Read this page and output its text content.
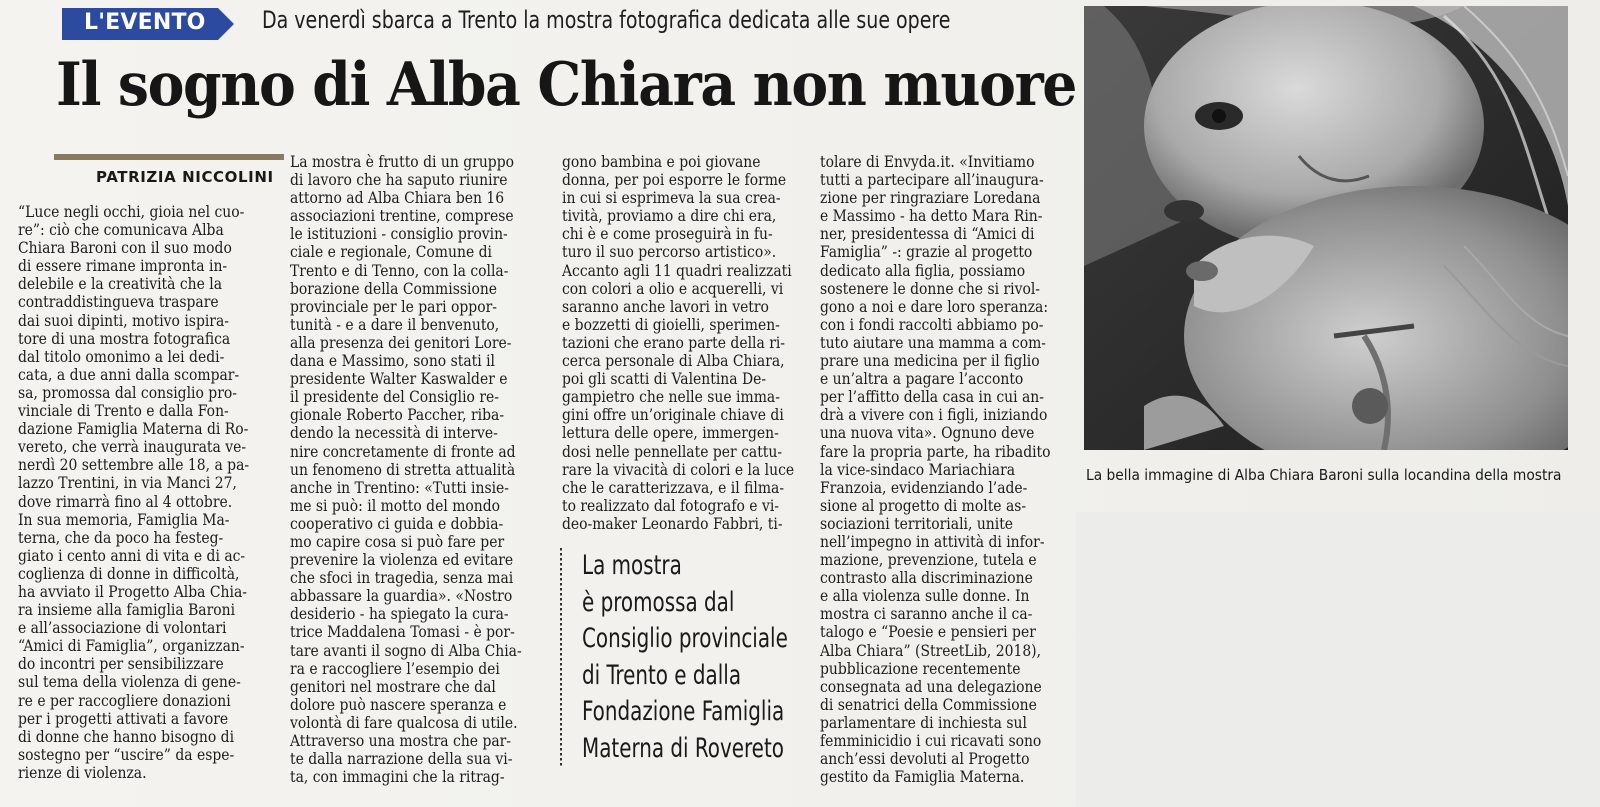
L'EVENTO Da venerdì sbarca a Trento la mostra fotografica dedicata alle sue opere
Il sogno di Alba Chiara non muore
PATRIZIA NICCOLINI
“Luce negli occhi, gioia nel cuo-
re”: ciò che comunicava Alba
Chiara Baroni con il suo modo
di essere rimane impronta in-
delebile e la creatività che la
contraddistingueva traspare
dai suoi dipinti, motivo ispira-
tore di una mostra fotografica
dal titolo omonimo a lei dedi-
cata, a due anni dalla scompar-
sa, promossa dal consiglio pro-
vinciale di Trento e dalla Fon-
dazione Famiglia Materna di Ro-
vereto, che verrà inaugurata ve-
nerdì 20 settembre alle 18, a pa-
lazzo Trentini, in via Manci 27,
dove rimarrà fino al 4 ottobre.
In sua memoria, Famiglia Ma-
terna, che da poco ha festeg-
giato i cento anni di vita e di ac-
coglienza di donne in difficoltà,
ha avviato il Progetto Alba Chia-
ra insieme alla famiglia Baroni
e all’associazione di volontari
“Amici di Famiglia”, organizzan-
do incontri per sensibilizzare
sul tema della violenza di gene-
re e per raccogliere donazioni
per i progetti attivati a favore
di donne che hanno bisogno di
sostegno per “uscire” da espe-
rienze di violenza.
La mostra è frutto di un gruppo
di lavoro che ha saputo riunire
attorno ad Alba Chiara ben 16
associazioni trentine, comprese
le istituzioni - consiglio provin-
ciale e regionale, Comune di
Trento e di Tenno, con la colla-
borazione della Commissione
provinciale per le pari oppor-
tunità - e a dare il benvenuto,
alla presenza dei genitori Lore-
dana e Massimo, sono stati il
presidente Walter Kaswalder e
il presidente del Consiglio re-
gionale Roberto Paccher, riba-
dendo la necessità di interve-
nire concretamente di fronte ad
un fenomeno di stretta attualità
anche in Trentino: «Tutti insie-
me si può: il motto del mondo
cooperativo ci guida e dobbia-
mo capire cosa si può fare per
prevenire la violenza ed evitare
che sfoci in tragedia, senza mai
abbassare la guardia». «Nostro
desiderio - ha spiegato la cura-
trice Maddalena Tomasi - è por-
tare avanti il sogno di Alba Chia-
ra e raccogliere l’esempio dei
genitori nel mostrare che dal
dolore può nascere speranza e
volontà di fare qualcosa di utile.
Attraverso una mostra che par-
te dalla narrazione della sua vi-
ta, con immagini che la ritrag-
gono bambina e poi giovane
donna, per poi esporre le forme
in cui si esprimeva la sua crea-
tività, proviamo a dire chi era,
chi è e come proseguirà in fu-
turo il suo percorso artistico».
Accanto agli 11 quadri realizzati
con colori a olio e acquerelli, vi
saranno anche lavori in vetro
e bozzetti di gioielli, sperimen-
tazioni che erano parte della ri-
cerca personale di Alba Chiara,
poi gli scatti di Valentina De-
gampietro che nelle sue imma-
gini offre un’originale chiave di
lettura delle opere, immergen-
dosi nelle pennellate per cattu-
rare la vivacità di colori e la luce
che le caratterizzava, e il filma-
to realizzato dal fotografo e vi-
deo-maker Leonardo Fabbri, ti-
tolare di Envyda.it. «Invitiamo
tutti a partecipare all’inaugura-
zione per ringraziare Loredana
e Massimo - ha detto Mara Rin-
ner, presidentessa di “Amici di
Famiglia” -: grazie al progetto
dedicato alla figlia, possiamo
sostenere le donne che si rivol-
gono a noi e dare loro speranza:
con i fondi raccolti abbiamo po-
tuto aiutare una mamma a com-
prare una medicina per il figlio
e un’altra a pagare l’acconto
per l’affitto della casa in cui an-
drà a vivere con i figli, iniziando
una nuova vita». Ognuno deve
fare la propria parte, ha ribadito
la vice-sindaco Mariachiara
Franzoia, evidenziando l’ade-
sione al progetto di molte as-
sociazioni territoriali, unite
nell’impegno in attività di infor-
mazione, prevenzione, tutela e
contrasto alla discriminazione
e alla violenza sulle donne. In
mostra ci saranno anche il ca-
talogo e “Poesie e pensieri per
Alba Chiara” (StreetLib, 2018),
pubblicazione recentemente
consegnata ad una delegazione
di senatrici della Commissione
parlamentare di inchiesta sul
femminicidio i cui ricavati sono
anch’essi devoluti al Progetto
gestito da Famiglia Materna.
La mostra
è promossa dal
Consiglio provinciale
di Trento e dalla
Fondazione Famiglia
Materna di Rovereto
La bella immagine di Alba Chiara Baroni sulla locandina della mostra
